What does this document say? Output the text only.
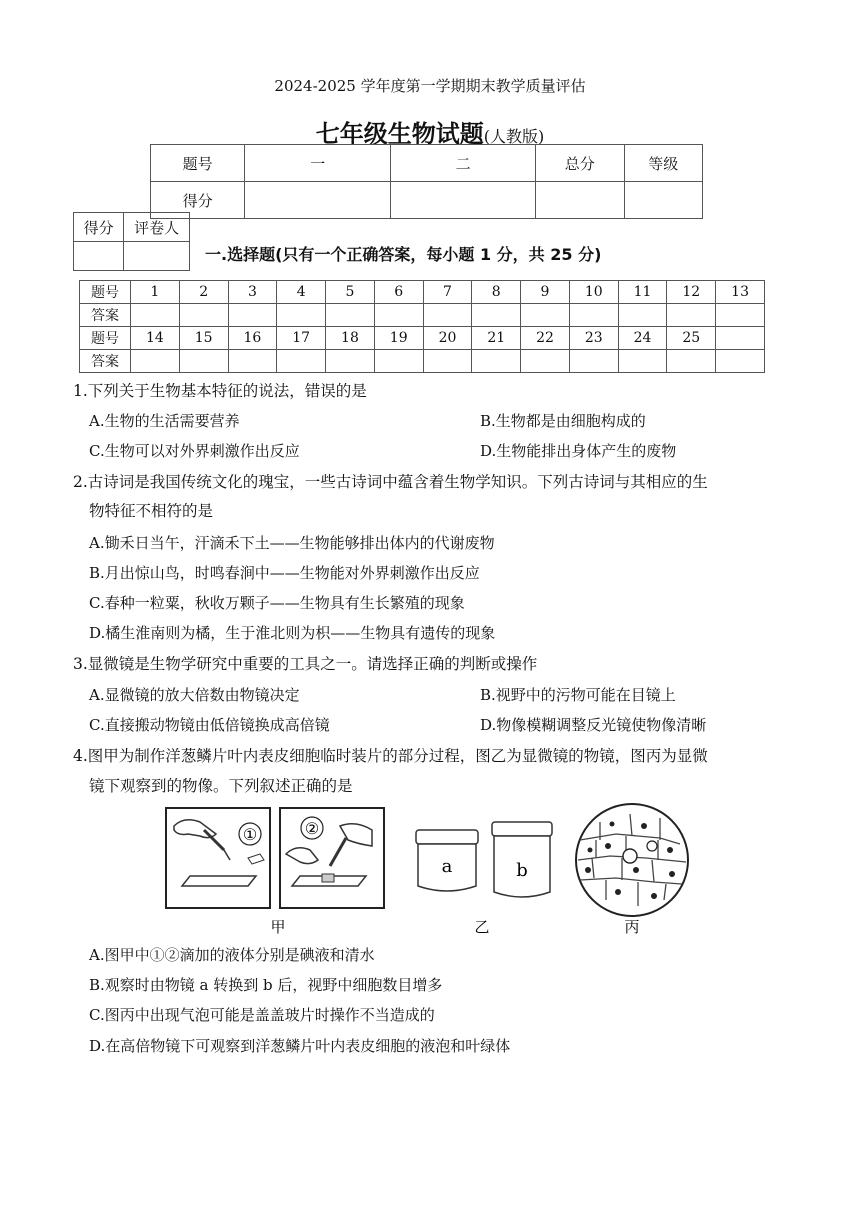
2024-2025 学年度第一学期期末教学质量评估
七年级生物试题(人教版)
题号	一	二	总分	等级
得分				
得分	评卷人

一.选择题(只有一个正确答案，每小题 1 分，共 25 分)
题号	1	2	3	4	5	6	7	8	9	10	11	12	13
答案													
题号	14	15	16	17	18	19	20	21	22	23	24	25	
答案													
1.下列关于生物基本特征的说法，错误的是
A.生物的生活需要营养	B.生物都是由细胞构成的
C.生物可以对外界刺激作出反应	D.生物能排出身体产生的废物
2.古诗词是我国传统文化的瑰宝，一些古诗词中蕴含着生物学知识。下列古诗词与其相应的生
物特征不相符的是
A.锄禾日当午，汗滴禾下土——生物能够排出体内的代谢废物
B.月出惊山鸟，时鸣春涧中——生物能对外界刺激作出反应
C.春种一粒粟，秋收万颗子——生物具有生长繁殖的现象
D.橘生淮南则为橘，生于淮北则为枳——生物具有遗传的现象
3.显微镜是生物学研究中重要的工具之一。请选择正确的判断或操作
A.显微镜的放大倍数由物镜决定	B.视野中的污物可能在目镜上
C.直接搬动物镜由低倍镜换成高倍镜	D.物像模糊调整反光镜使物像清晰
4.图甲为制作洋葱鳞片叶内表皮细胞临时装片的部分过程，图乙为显微镜的物镜，图丙为显微
镜下观察到的物像。下列叙述正确的是
①	②
a	b
甲	乙	丙
A.图甲中①②滴加的液体分别是碘液和清水
B.观察时由物镜 a 转换到 b 后，视野中细胞数目增多
C.图丙中出现气泡可能是盖盖玻片时操作不当造成的
D.在高倍物镜下可观察到洋葱鳞片叶内表皮细胞的液泡和叶绿体
